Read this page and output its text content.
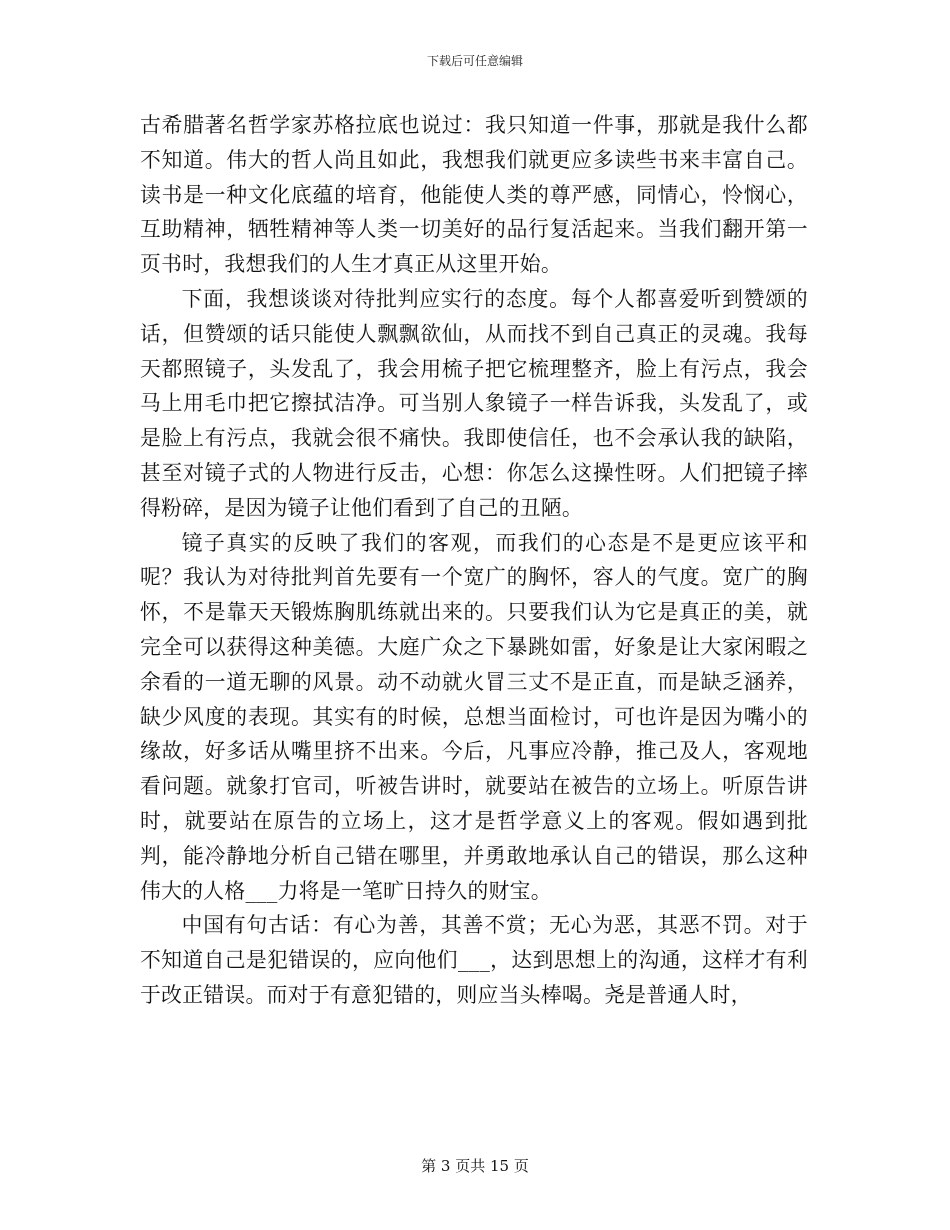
下载后可任意编辑

古希腊著名哲学家苏格拉底也说过：我只知道一件事，那就是我什么都不知道。伟大的哲人尚且如此，我想我们就更应多读些书来丰富自己。读书是一种文化底蕴的培育，他能使人类的尊严感，同情心，怜悯心，互助精神，牺牲精神等人类一切美好的品行复活起来。当我们翻开第一页书时，我想我们的人生才真正从这里开始。

下面，我想谈谈对待批判应实行的态度。每个人都喜爱听到赞颂的话，但赞颂的话只能使人飘飘欲仙，从而找不到自己真正的灵魂。我每天都照镜子，头发乱了，我会用梳子把它梳理整齐，脸上有污点，我会马上用毛巾把它擦拭洁净。可当别人象镜子一样告诉我，头发乱了，或是脸上有污点，我就会很不痛快。我即使信任，也不会承认我的缺陷，甚至对镜子式的人物进行反击，心想：你怎么这操性呀。人们把镜子摔得粉碎，是因为镜子让他们看到了自己的丑陋。

镜子真实的反映了我们的客观，而我们的心态是不是更应该平和呢？我认为对待批判首先要有一个宽广的胸怀，容人的气度。宽广的胸怀，不是靠天天锻炼胸肌练就出来的。只要我们认为它是真正的美，就完全可以获得这种美德。大庭广众之下暴跳如雷，好象是让大家闲暇之余看的一道无聊的风景。动不动就火冒三丈不是正直，而是缺乏涵养，缺少风度的表现。其实有的时候，总想当面检讨，可也许是因为嘴小的缘故，好多话从嘴里挤不出来。今后，凡事应冷静，推己及人，客观地看问题。就象打官司，听被告讲时，就要站在被告的立场上。听原告讲时，就要站在原告的立场上，这才是哲学意义上的客观。假如遇到批判，能冷静地分析自己错在哪里，并勇敢地承认自己的错误，那么这种伟大的人格___力将是一笔旷日持久的财宝。

中国有句古话：有心为善，其善不赏；无心为恶，其恶不罚。对于不知道自己是犯错误的，应向他们___，达到思想上的沟通，这样才有利于改正错误。而对于有意犯错的，则应当头棒喝。尧是普通人时，

第 3 页共 15 页
